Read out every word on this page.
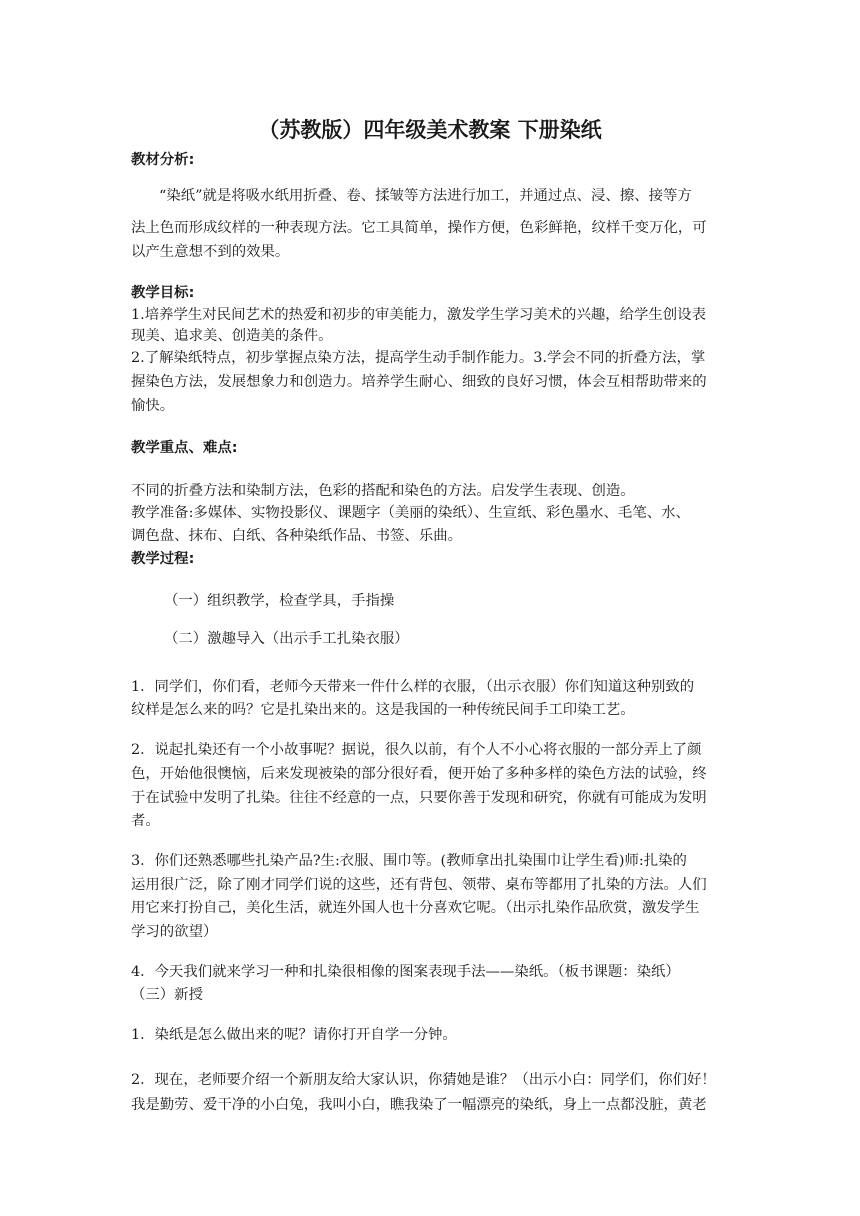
（苏教版）四年级美术教案 下册染纸

教材分析:

“染纸”就是将吸水纸用折叠、卷、揉皱等方法进行加工，并通过点、浸、擦、接等方

法上色而形成纹样的一种表现方法。它工具简单，操作方便，色彩鲜艳，纹样千变万化，可

以产生意想不到的效果。

教学目标:

1.培养学生对民间艺术的热爱和初步的审美能力，激发学生学习美术的兴趣，给学生创设表

现美、追求美、创造美的条件。

2.了解染纸特点，初步掌握点染方法，提高学生动手制作能力。3.学会不同的折叠方法，掌

握染色方法，发展想象力和创造力。培养学生耐心、细致的良好习惯，体会互相帮助带来的

愉快。

教学重点、难点:

不同的折叠方法和染制方法，色彩的搭配和染色的方法。启发学生表现、创造。

教学准备:多媒体、实物投影仪、课题字（美丽的染纸）、生宣纸、彩色墨水、毛笔、水、

调色盘、抹布、白纸、各种染纸作品、书签、乐曲。

教学过程:

（一）组织教学，检查学具，手指操

（二）激趣导入（出示手工扎染衣服）

1．同学们，你们看，老师今天带来一件什么样的衣服，（出示衣服）你们知道这种别致的

纹样是怎么来的吗？它是扎染出来的。这是我国的一种传统民间手工印染工艺。

2．说起扎染还有一个小故事呢？据说，很久以前，有个人不小心将衣服的一部分弄上了颜

色，开始他很懊恼，后来发现被染的部分很好看，便开始了多种多样的染色方法的试验，终

于在试验中发明了扎染。往往不经意的一点，只要你善于发现和研究，你就有可能成为发明

者。

3．你们还熟悉哪些扎染产品?生:衣服、围巾等。(教师拿出扎染围巾让学生看)师:扎染的

运用很广泛，除了刚才同学们说的这些，还有背包、领带、桌布等都用了扎染的方法。人们

用它来打扮自己，美化生活，就连外国人也十分喜欢它呢。（出示扎染作品欣赏，激发学生

学习的欲望）

4．今天我们就来学习一种和扎染很相像的图案表现手法——染纸。（板书课题：染纸）

（三）新授

1．染纸是怎么做出来的呢？请你打开自学一分钟。

2．现在，老师要介绍一个新朋友给大家认识，你猜她是谁？（出示小白：同学们，你们好！

我是勤劳、爱干净的小白兔，我叫小白，瞧我染了一幅漂亮的染纸，身上一点都没脏，黄老
